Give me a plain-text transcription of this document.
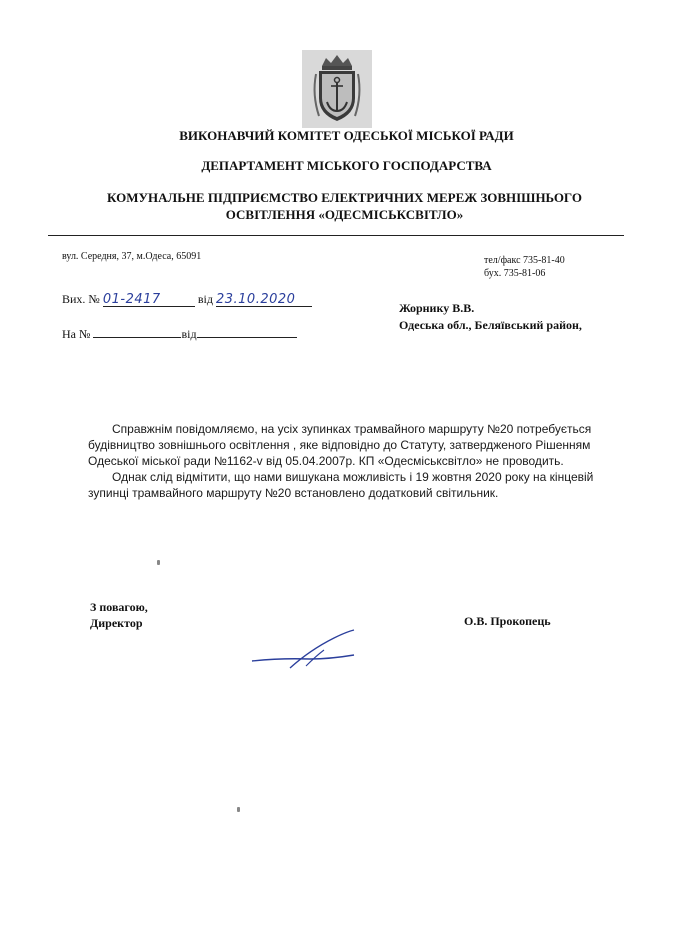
ВИКОНАВЧИЙ КОМІТЕТ ОДЕСЬКОЇ МІСЬКОЇ РАДИ
ДЕПАРТАМЕНТ МІСЬКОГО ГОСПОДАРСТВА
КОМУНАЛЬНЕ ПІДПРИЄМСТВО ЕЛЕКТРИЧНИХ МЕРЕЖ ЗОВНІШНЬОГО
ОСВІТЛЕННЯ «ОДЕСМІСЬКСВІТЛО»
вул. Середня, 37, м.Одеса, 65091	тел/факс 735-81-40
бух. 735-81-06
Вих. № 01-2417	від 23.10.2020
На №	від
Жорнику В.В.
Одеська обл., Беляївський район,

Справжнім повідомляємо, на усіх зупинках трамвайного маршруту №20 потребується будівництво зовнішнього освітлення , яке відповідно до Статуту, затвердженого Рішенням Одеської міської ради №1162-v від 05.04.2007р. КП «Одесміськсвітло» не проводить.

Однак слід відмітити, що нами вишукана можливість і 19 жовтня 2020 року на кінцевій зупинці трамвайного маршруту №20 встановлено додатковий світильник.

З повагою,
Директор	О.В. Прокопець
